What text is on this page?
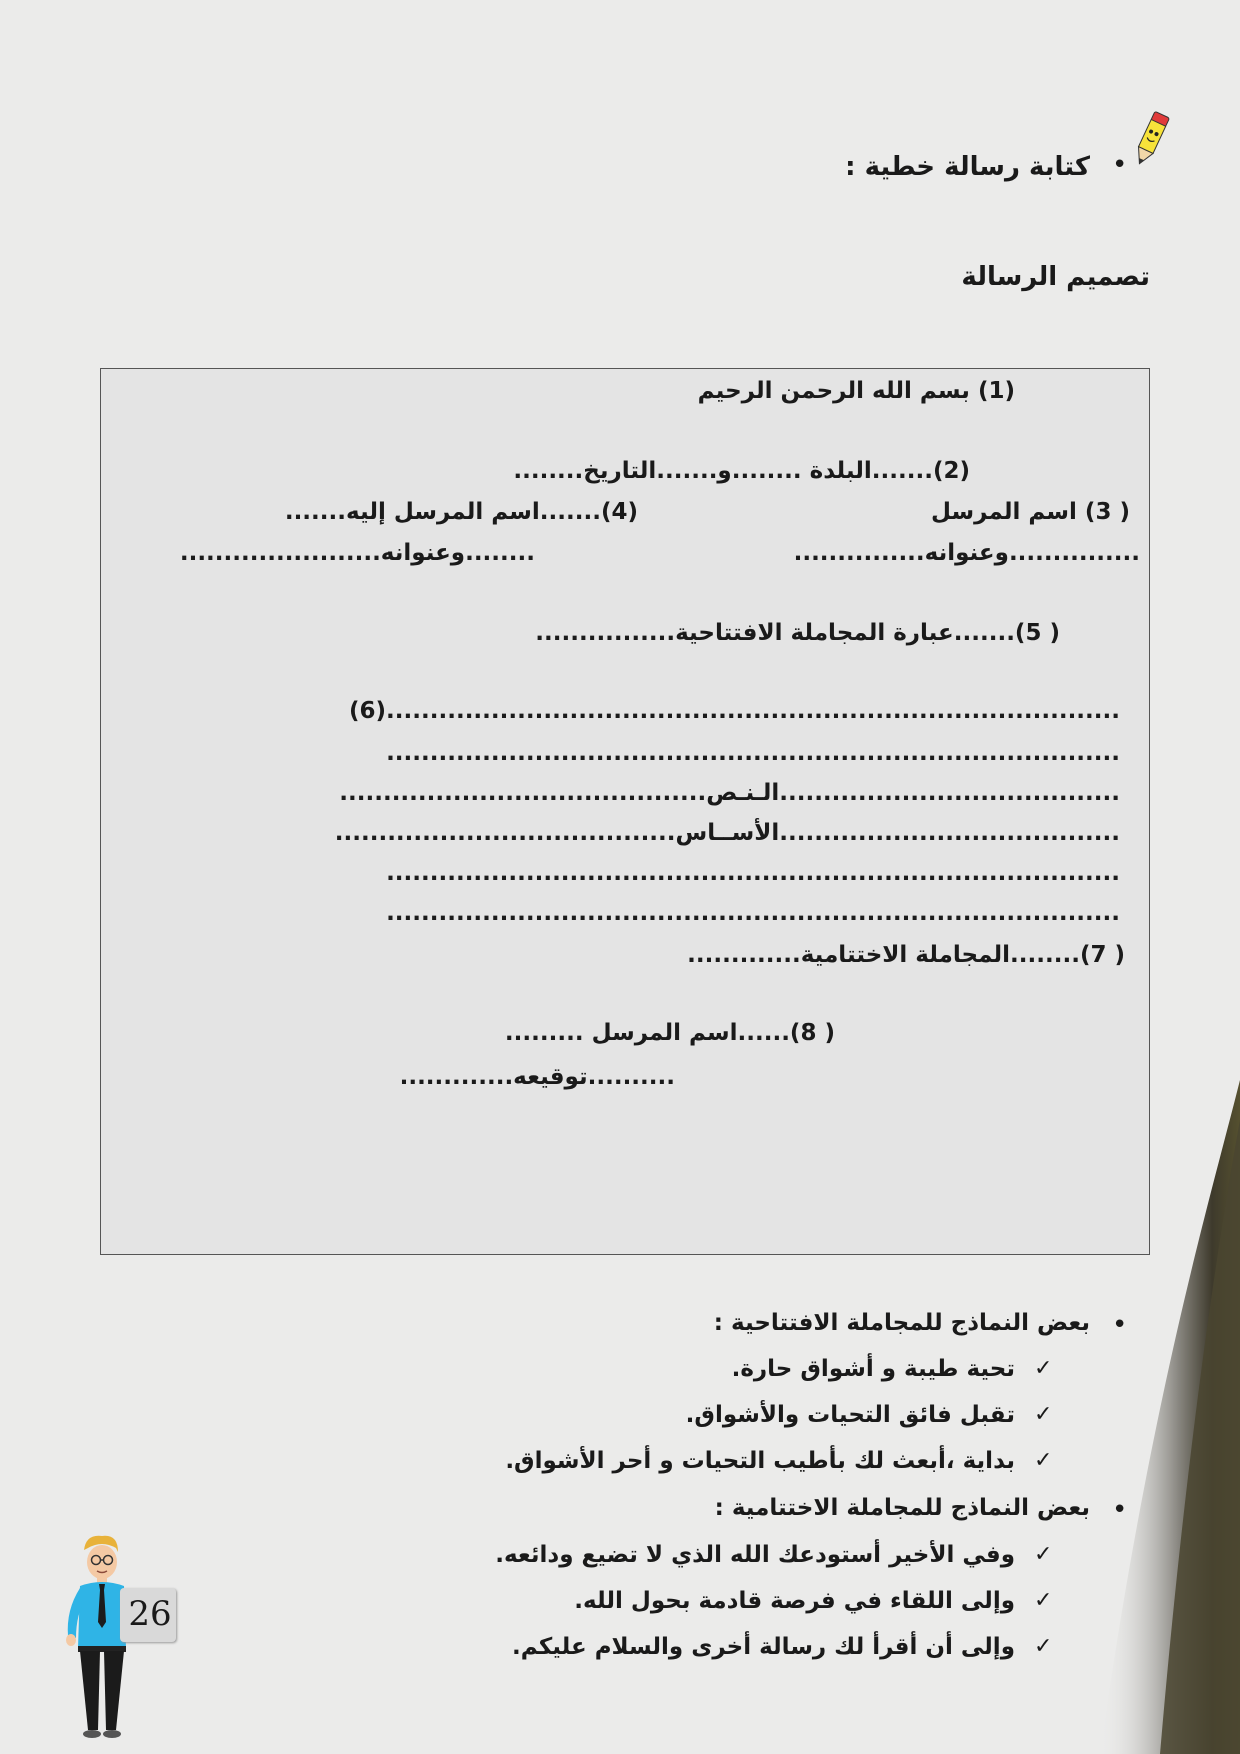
•
كتابة رسالة خطية :
تصميم الرسالة
(1) بسم الله الرحمن الرحيم
(2).......البلدة ........و.......التاريخ........
(4).......اسم المرسل إليه.......	( 3) اسم المرسل
...............وعنوانه...............
........وعنوانه.......................
( 5).......عبارة المجاملة الافتتاحية................
(6)....................................................................................
....................................................................................
.......................................الـنـص..........................................
.......................................الأســاس.......................................
....................................................................................
....................................................................................
( 7)........المجاملة الاختتامية.............
( 8)......اسم المرسل .........
..........توقيعه.............
•
بعض النماذج للمجاملة الافتتاحية :
✓
تحية طيبة و أشواق حارة.
✓
تقبل فائق التحيات والأشواق.
✓
بداية ،أبعث لك بأطيب التحيات و أحر الأشواق.
•
بعض النماذج للمجاملة الاختتامية :
✓
وفي الأخير أستودعك الله الذي لا تضيع ودائعه.
✓
وإلى اللقاء في فرصة قادمة بحول الله.
✓
وإلى أن أقرأ لك رسالة أخرى والسلام عليكم.
26
